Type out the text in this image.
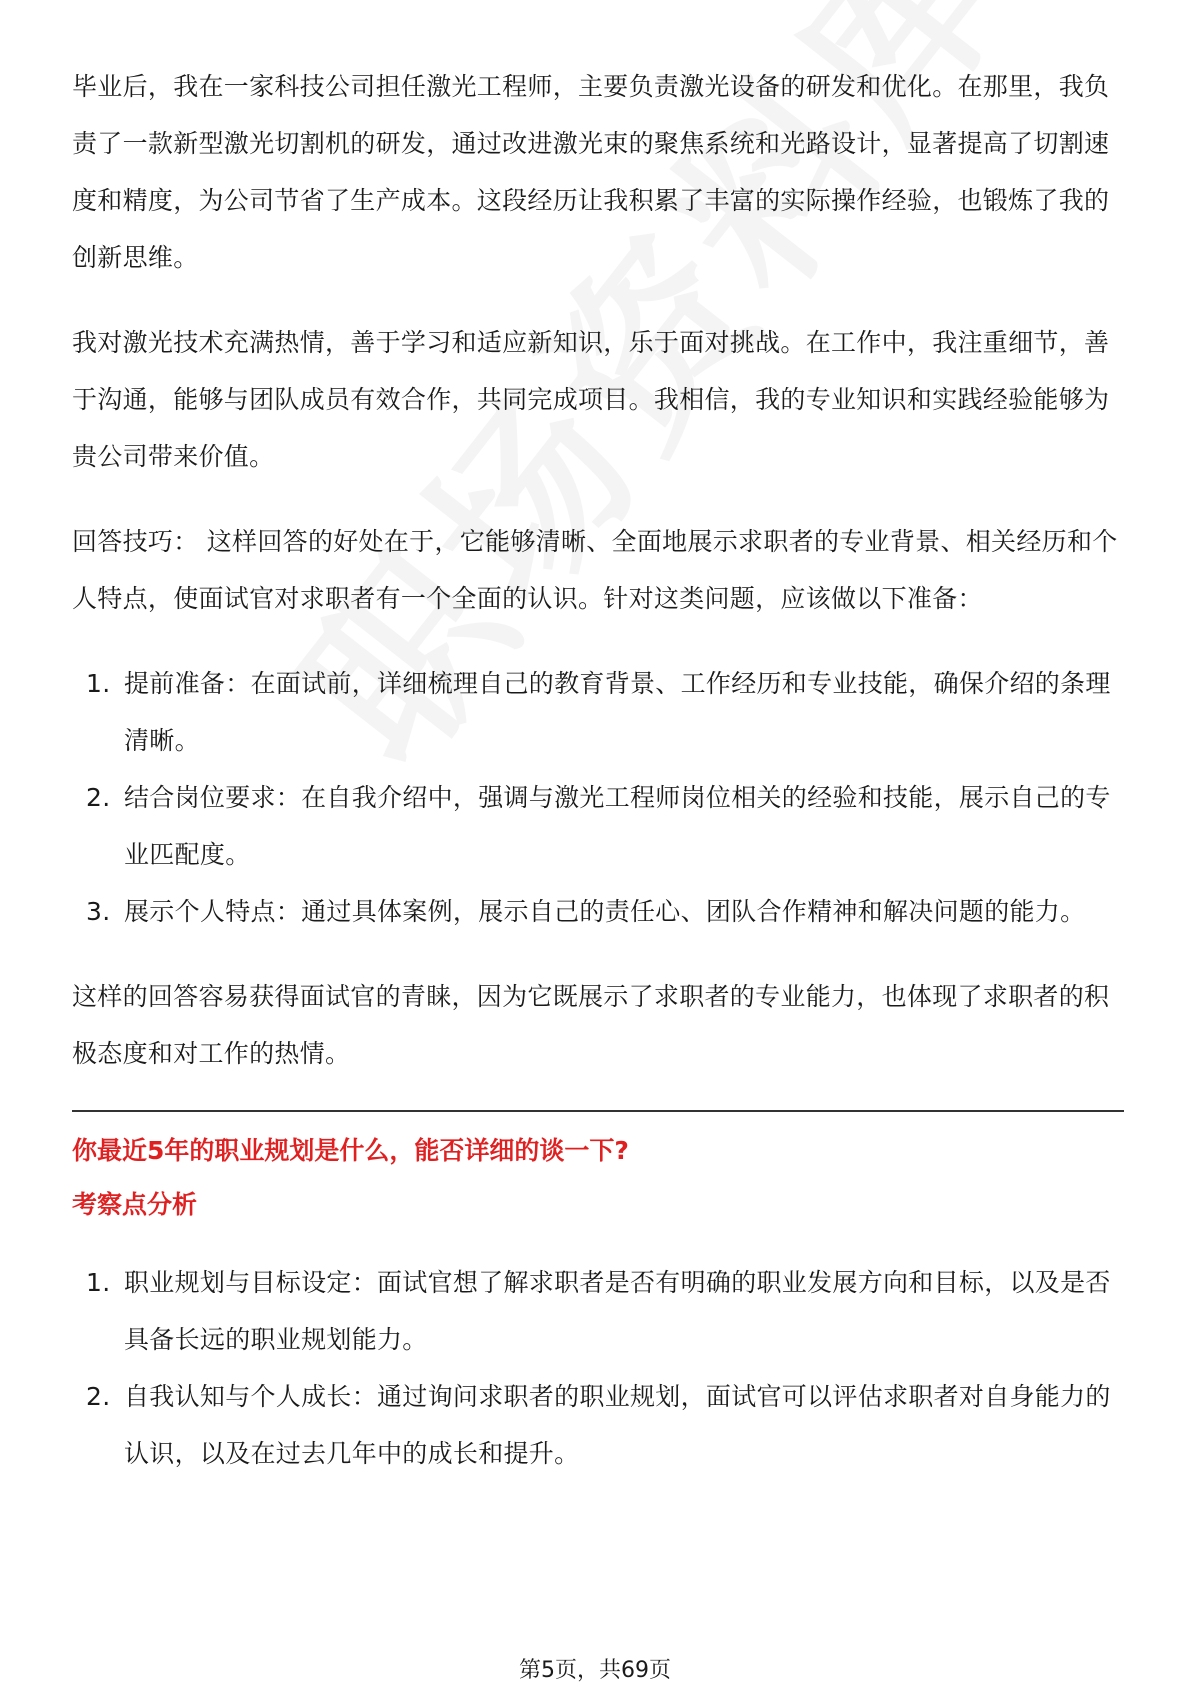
毕业后，我在一家科技公司担任激光工程师，主要负责激光设备的研发和优化。在那里，我负责了一款新型激光切割机的研发，通过改进激光束的聚焦系统和光路设计，显著提高了切割速度和精度，为公司节省了生产成本。这段经历让我积累了丰富的实际操作经验，也锻炼了我的创新思维。

我对激光技术充满热情，善于学习和适应新知识，乐于面对挑战。在工作中，我注重细节，善于沟通，能够与团队成员有效合作，共同完成项目。我相信，我的专业知识和实践经验能够为贵公司带来价值。

回答技巧： 这样回答的好处在于，它能够清晰、全面地展示求职者的专业背景、相关经历和个人特点，使面试官对求职者有一个全面的认识。针对这类问题，应该做以下准备：

1. 提前准备：在面试前，详细梳理自己的教育背景、工作经历和专业技能，确保介绍的条理清晰。
2. 结合岗位要求：在自我介绍中，强调与激光工程师岗位相关的经验和技能，展示自己的专业匹配度。
3. 展示个人特点：通过具体案例，展示自己的责任心、团队合作精神和解决问题的能力。

这样的回答容易获得面试官的青睐，因为它既展示了求职者的专业能力，也体现了求职者的积极态度和对工作的热情。

你最近5年的职业规划是什么，能否详细的谈一下?

考察点分析

1. 职业规划与目标设定：面试官想了解求职者是否有明确的职业发展方向和目标，以及是否具备长远的职业规划能力。
2. 自我认知与个人成长：通过询问求职者的职业规划，面试官可以评估求职者对自身能力的认识，以及在过去几年中的成长和提升。
第5页，共69页
